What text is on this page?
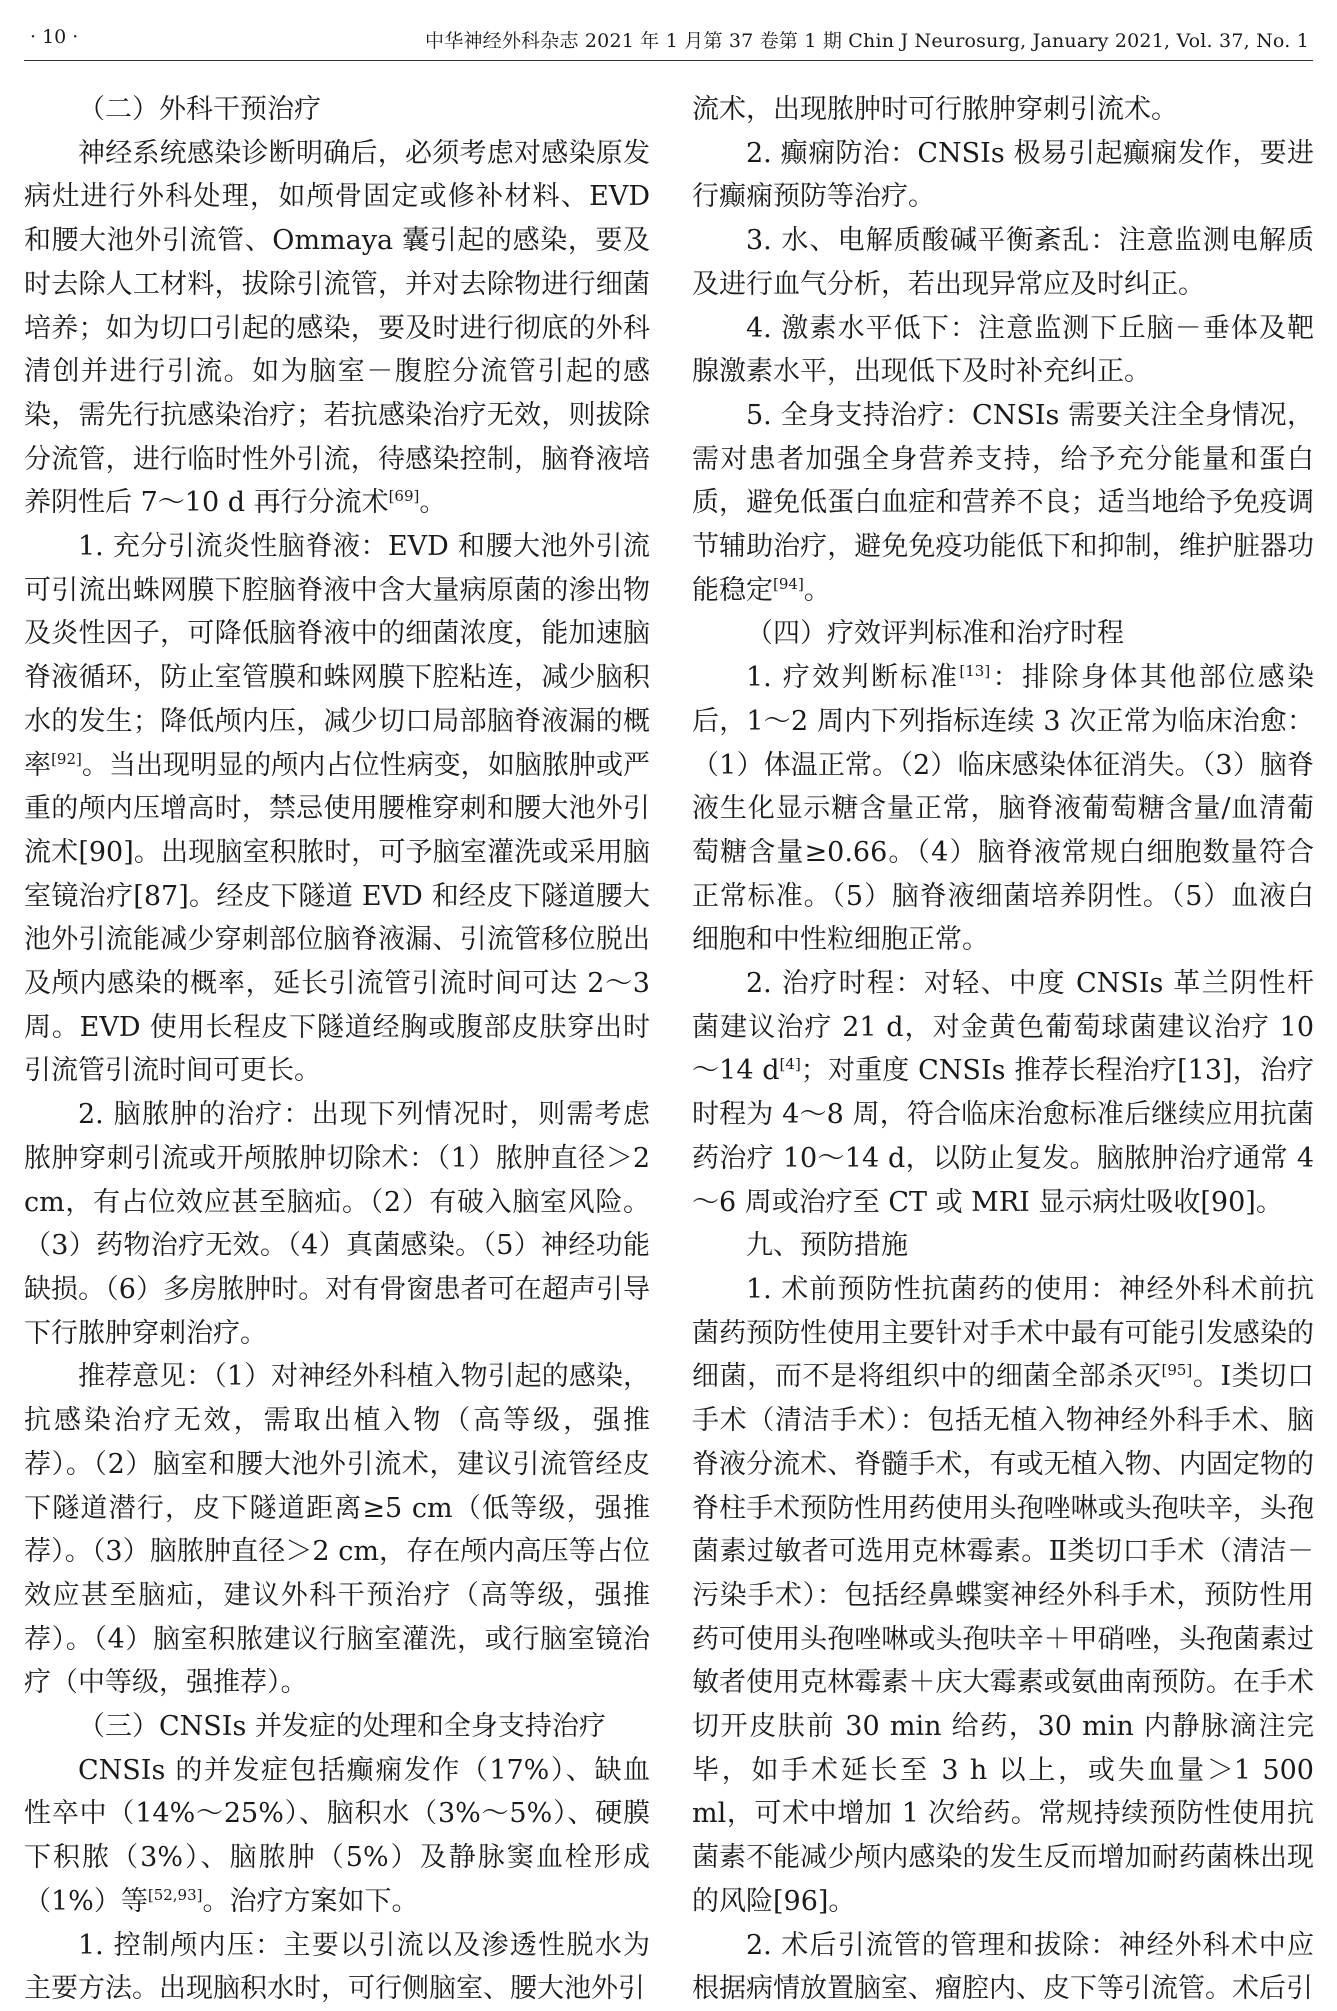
· 10 ·	中华神经外科杂志 2021 年 1 月第 37 卷第 1 期 Chin J Neurosurg, January 2021, Vol. 37, No. 1

（二）外科干预治疗

神经系统感染诊断明确后，必须考虑对感染原发病灶进行外科处理，如颅骨固定或修补材料、EVD 和腰大池外引流管、Ommaya 囊引起的感染，要及时去除人工材料，拔除引流管，并对去除物进行细菌培养；如为切口引起的感染，要及时进行彻底的外科清创并进行引流。如为脑室－腹腔分流管引起的感染，需先行抗感染治疗；若抗感染治疗无效，则拔除分流管，进行临时性外引流，待感染控制，脑脊液培养阴性后 7～10 d 再行分流术[69]。

1. 充分引流炎性脑脊液：EVD 和腰大池外引流可引流出蛛网膜下腔脑脊液中含大量病原菌的渗出物及炎性因子，可降低脑脊液中的细菌浓度，能加速脑脊液循环，防止室管膜和蛛网膜下腔粘连，减少脑积水的发生；降低颅内压，减少切口局部脑脊液漏的概率[92]。当出现明显的颅内占位性病变，如脑脓肿或严重的颅内压增高时，禁忌使用腰椎穿刺和腰大池外引流术[90]。出现脑室积脓时，可予脑室灌洗或采用脑室镜治疗[87]。经皮下隧道 EVD 和经皮下隧道腰大池外引流能减少穿刺部位脑脊液漏、引流管移位脱出及颅内感染的概率，延长引流管引流时间可达 2～3 周。EVD 使用长程皮下隧道经胸或腹部皮肤穿出时引流管引流时间可更长。

2. 脑脓肿的治疗：出现下列情况时，则需考虑脓肿穿刺引流或开颅脓肿切除术：（1）脓肿直径＞2 cm，有占位效应甚至脑疝。（2）有破入脑室风险。（3）药物治疗无效。（4）真菌感染。（5）神经功能缺损。（6）多房脓肿时。对有骨窗患者可在超声引导下行脓肿穿刺治疗。

推荐意见：（1）对神经外科植入物引起的感染，抗感染治疗无效，需取出植入物（高等级，强推荐）。（2）脑室和腰大池外引流术，建议引流管经皮下隧道潜行，皮下隧道距离≥5 cm（低等级，强推荐）。（3）脑脓肿直径＞2 cm，存在颅内高压等占位效应甚至脑疝，建议外科干预治疗（高等级，强推荐）。（4）脑室积脓建议行脑室灌洗，或行脑室镜治疗（中等级，强推荐）。

（三）CNSIs 并发症的处理和全身支持治疗

CNSIs 的并发症包括癫痫发作（17%）、缺血性卒中（14%～25%）、脑积水（3%～5%）、硬膜下积脓（3%）、脑脓肿（5%）及静脉窦血栓形成（1%）等[52,93]。治疗方案如下。

1. 控制颅内压：主要以引流以及渗透性脱水为主要方法。出现脑积水时，可行侧脑室、腰大池外引

流术，出现脓肿时可行脓肿穿刺引流术。

2. 癫痫防治：CNSIs 极易引起癫痫发作，要进行癫痫预防等治疗。

3. 水、电解质酸碱平衡紊乱：注意监测电解质及进行血气分析，若出现异常应及时纠正。

4. 激素水平低下：注意监测下丘脑－垂体及靶腺激素水平，出现低下及时补充纠正。

5. 全身支持治疗：CNSIs 需要关注全身情况，需对患者加强全身营养支持，给予充分能量和蛋白质，避免低蛋白血症和营养不良；适当地给予免疫调节辅助治疗，避免免疫功能低下和抑制，维护脏器功能稳定[94]。

（四）疗效评判标准和治疗时程

1. 疗效判断标准[13]：排除身体其他部位感染后，1～2 周内下列指标连续 3 次正常为临床治愈：（1）体温正常。（2）临床感染体征消失。（3）脑脊液生化显示糖含量正常，脑脊液葡萄糖含量/血清葡萄糖含量≥0.66。（4）脑脊液常规白细胞数量符合正常标准。（5）脑脊液细菌培养阴性。（5）血液白细胞和中性粒细胞正常。

2. 治疗时程：对轻、中度 CNSIs 革兰阴性杆菌建议治疗 21 d，对金黄色葡萄球菌建议治疗 10～14 d[4]；对重度 CNSIs 推荐长程治疗[13]，治疗时程为 4～8 周，符合临床治愈标准后继续应用抗菌药治疗 10～14 d，以防止复发。脑脓肿治疗通常 4～6 周或治疗至 CT 或 MRI 显示病灶吸收[90]。

九、预防措施

1. 术前预防性抗菌药的使用：神经外科术前抗菌药预防性使用主要针对手术中最有可能引发感染的细菌，而不是将组织中的细菌全部杀灭[95]。Ⅰ类切口手术（清洁手术）：包括无植入物神经外科手术、脑脊液分流术、脊髓手术，有或无植入物、内固定物的脊柱手术预防性用药使用头孢唑啉或头孢呋辛，头孢菌素过敏者可选用克林霉素。Ⅱ类切口手术（清洁－污染手术）：包括经鼻蝶窦神经外科手术，预防性用药可使用头孢唑啉或头孢呋辛＋甲硝唑，头孢菌素过敏者使用克林霉素＋庆大霉素或氨曲南预防。在手术切开皮肤前 30 min 给药，30 min 内静脉滴注完毕，如手术延长至 3 h 以上，或失血量＞1 500 ml，可术中增加 1 次给药。常规持续预防性使用抗菌素不能减少颅内感染的发生反而增加耐药菌株出现的风险[96]。

2. 术后引流管的管理和拔除：神经外科术中应根据病情放置脑室、瘤腔内、皮下等引流管。术后引
